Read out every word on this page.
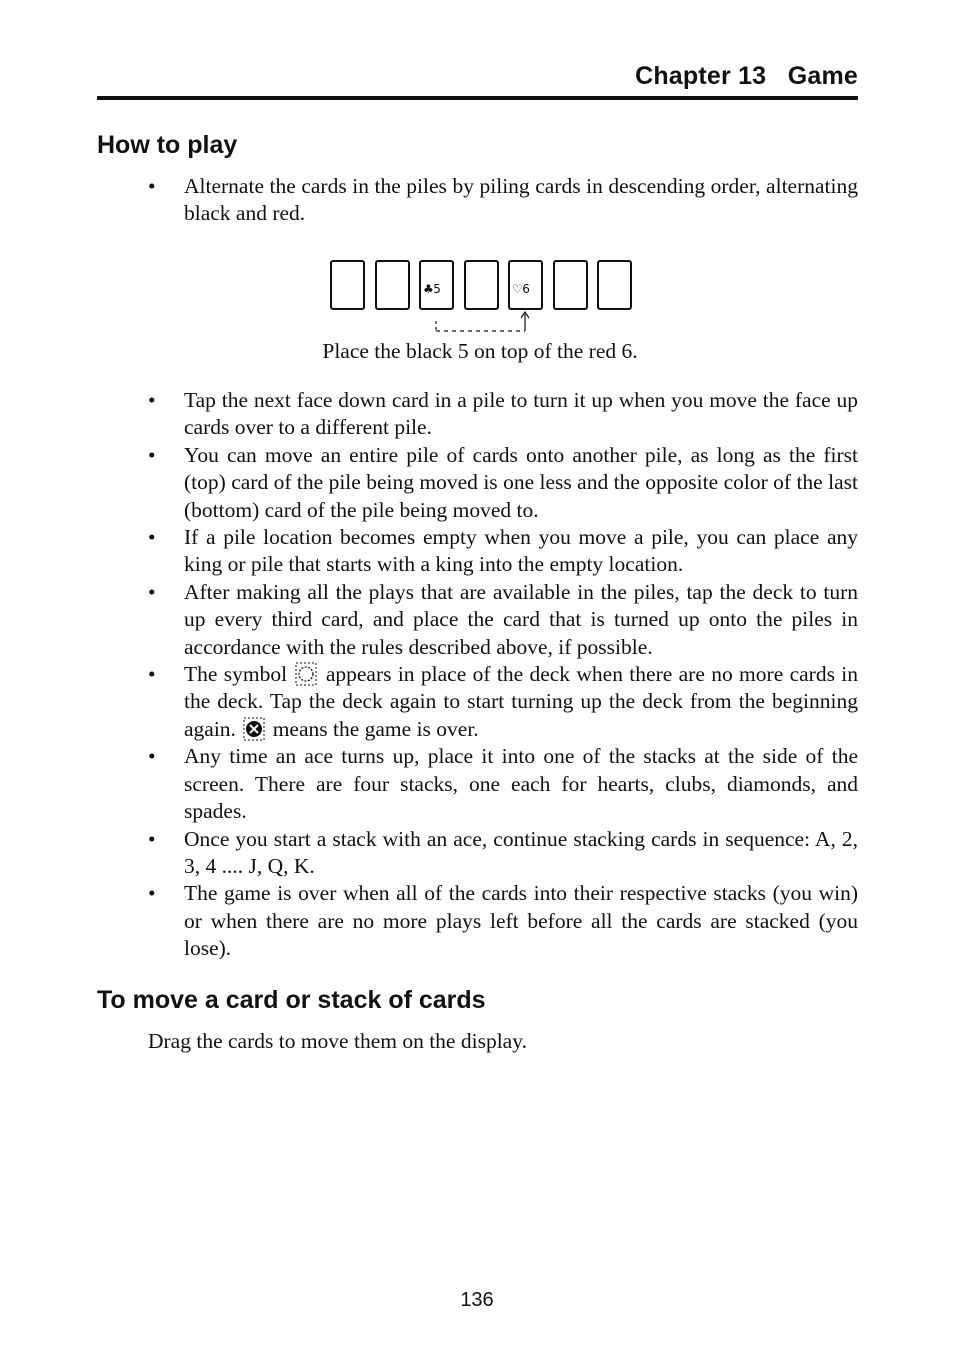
Chapter 13   Game
How to play
• Alternate the cards in the piles by piling cards in descending order, alternating black and red.
♣5	♡6
Place the black 5 on top of the red 6.
• Tap the next face down card in a pile to turn it up when you move the face up cards over to a different pile.
• You can move an entire pile of cards onto another pile, as long as the first (top) card of the pile being moved is one less and the opposite color of the last (bottom) card of the pile being moved to.
• If a pile location becomes empty when you move a pile, you can place any king or pile that starts with a king into the empty location.
• After making all the plays that are available in the piles, tap the deck to turn up every third card, and place the card that is turned up onto the piles in accordance with the rules described above, if possible.
• The symbol appears in place of the deck when there are no more cards in the deck. Tap the deck again to start turning up the deck from the beginning again. means the game is over.
• Any time an ace turns up, place it into one of the stacks at the side of the screen. There are four stacks, one each for hearts, clubs, diamonds, and spades.
• Once you start a stack with an ace, continue stacking cards in sequence: A, 2, 3, 4 .... J, Q, K.
• The game is over when all of the cards into their respective stacks (you win) or when there are no more plays left before all the cards are stacked (you lose).
To move a card or stack of cards
Drag the cards to move them on the display.
136
